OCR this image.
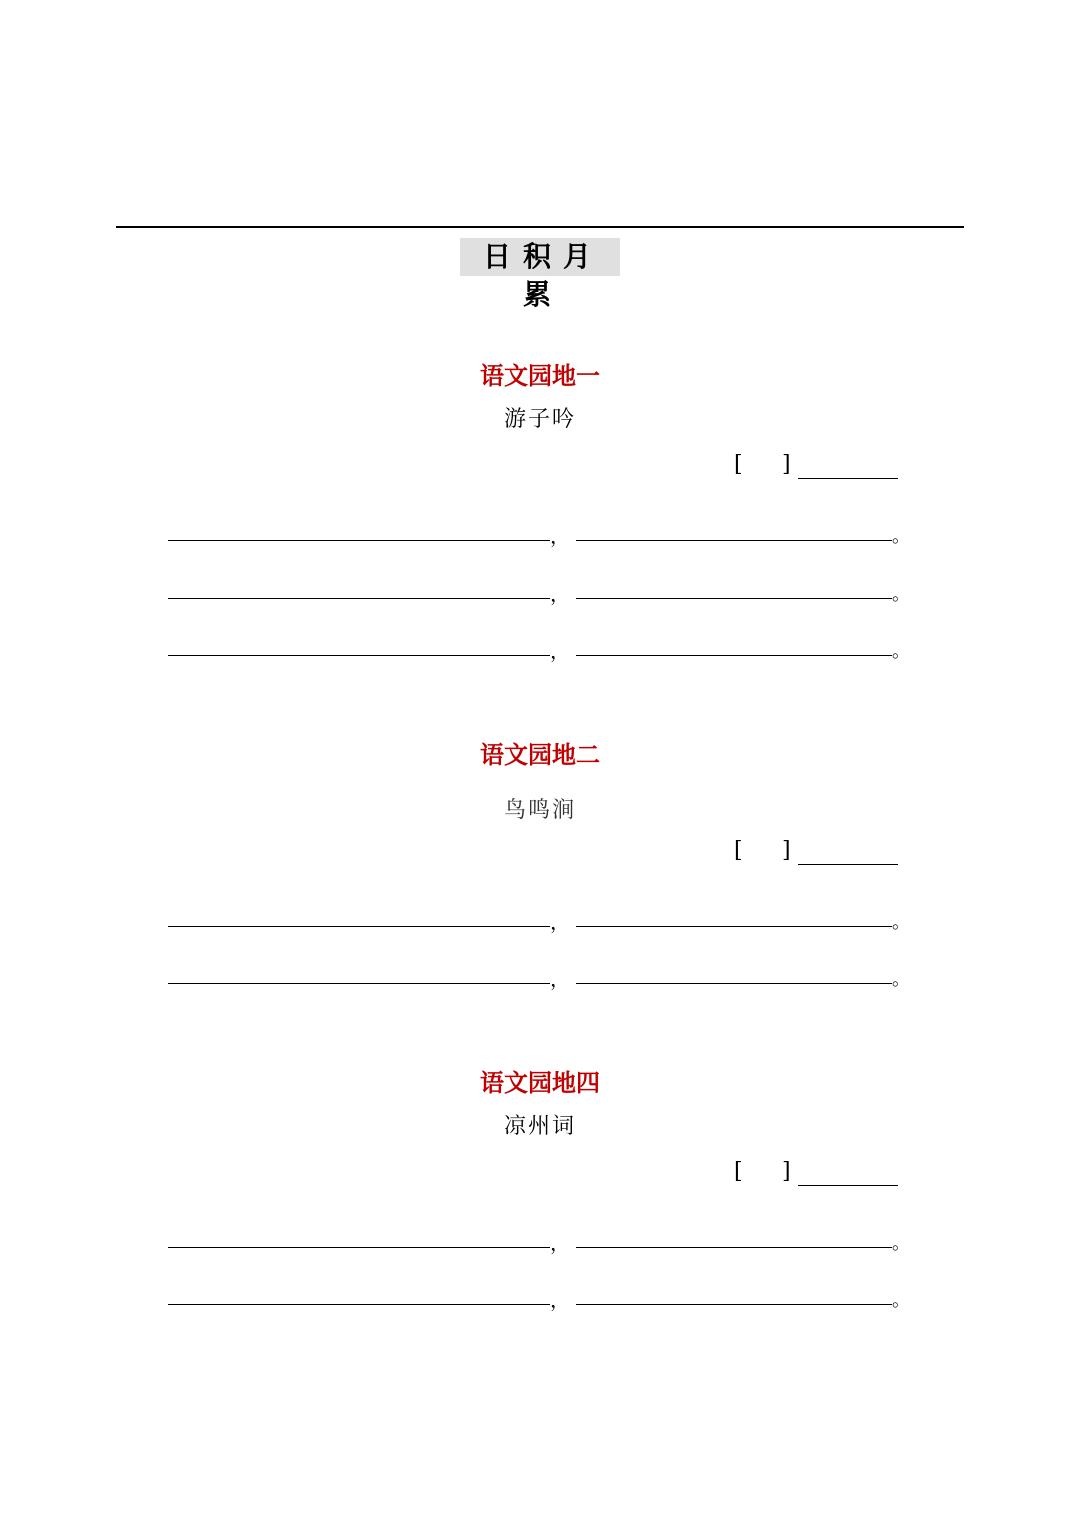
日积月累
语文园地一
游子吟
[ ]
，	。
，	。
，	。
语文园地二
鸟鸣涧
[ ]
，	。
，	。
语文园地四
凉州词
[ ]
，	。
，	。
